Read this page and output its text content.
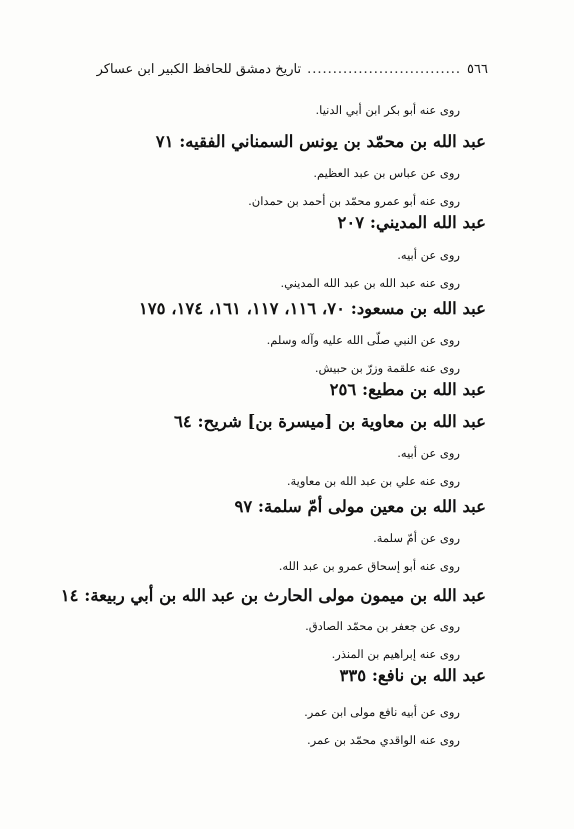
٥٦٦
..............................
تاريخ دمشق للحافظ الكبير ابن عساكر
روى عنه أبو بكر ابن أبي الدنيا.
عبد الله بن محمّد بن يونس السمناني الفقيه: ٧١
روى عن عباس بن عبد العظيم.
روى عنه أبو عمرو محمّد بن أحمد بن حمدان.
عبد الله المديني: ٢٠٧
روى عن أبيه.
روى عنه عبد الله بن عبد الله المديني.
عبد الله بن مسعود: ٧٠، ١١٦، ١١٧، ١٦١، ١٧٤، ١٧٥
روى عن النبي صلّى الله عليه وآله وسلم.
روى عنه علقمة وزرّ بن حبيش.
عبد الله بن مطيع: ٢٥٦
عبد الله بن معاوية بن [ميسرة بن] شريح: ٦٤
روى عن أبيه.
روى عنه علي بن عبد الله بن معاوية.
عبد الله بن معين مولى أمّ سلمة: ٩٧
روى عن أمّ سلمة.
روى عنه أبو إسحاق عمرو بن عبد الله.
عبد الله بن ميمون مولى الحارث بن عبد الله بن أبي ربيعة: ١٤
روى عن جعفر بن محمّد الصادق.
روى عنه إبراهيم بن المنذر.
عبد الله بن نافع: ٣٣٥
روى عن أبيه نافع مولى ابن عمر.
روى عنه الواقدي محمّد بن عمر.
